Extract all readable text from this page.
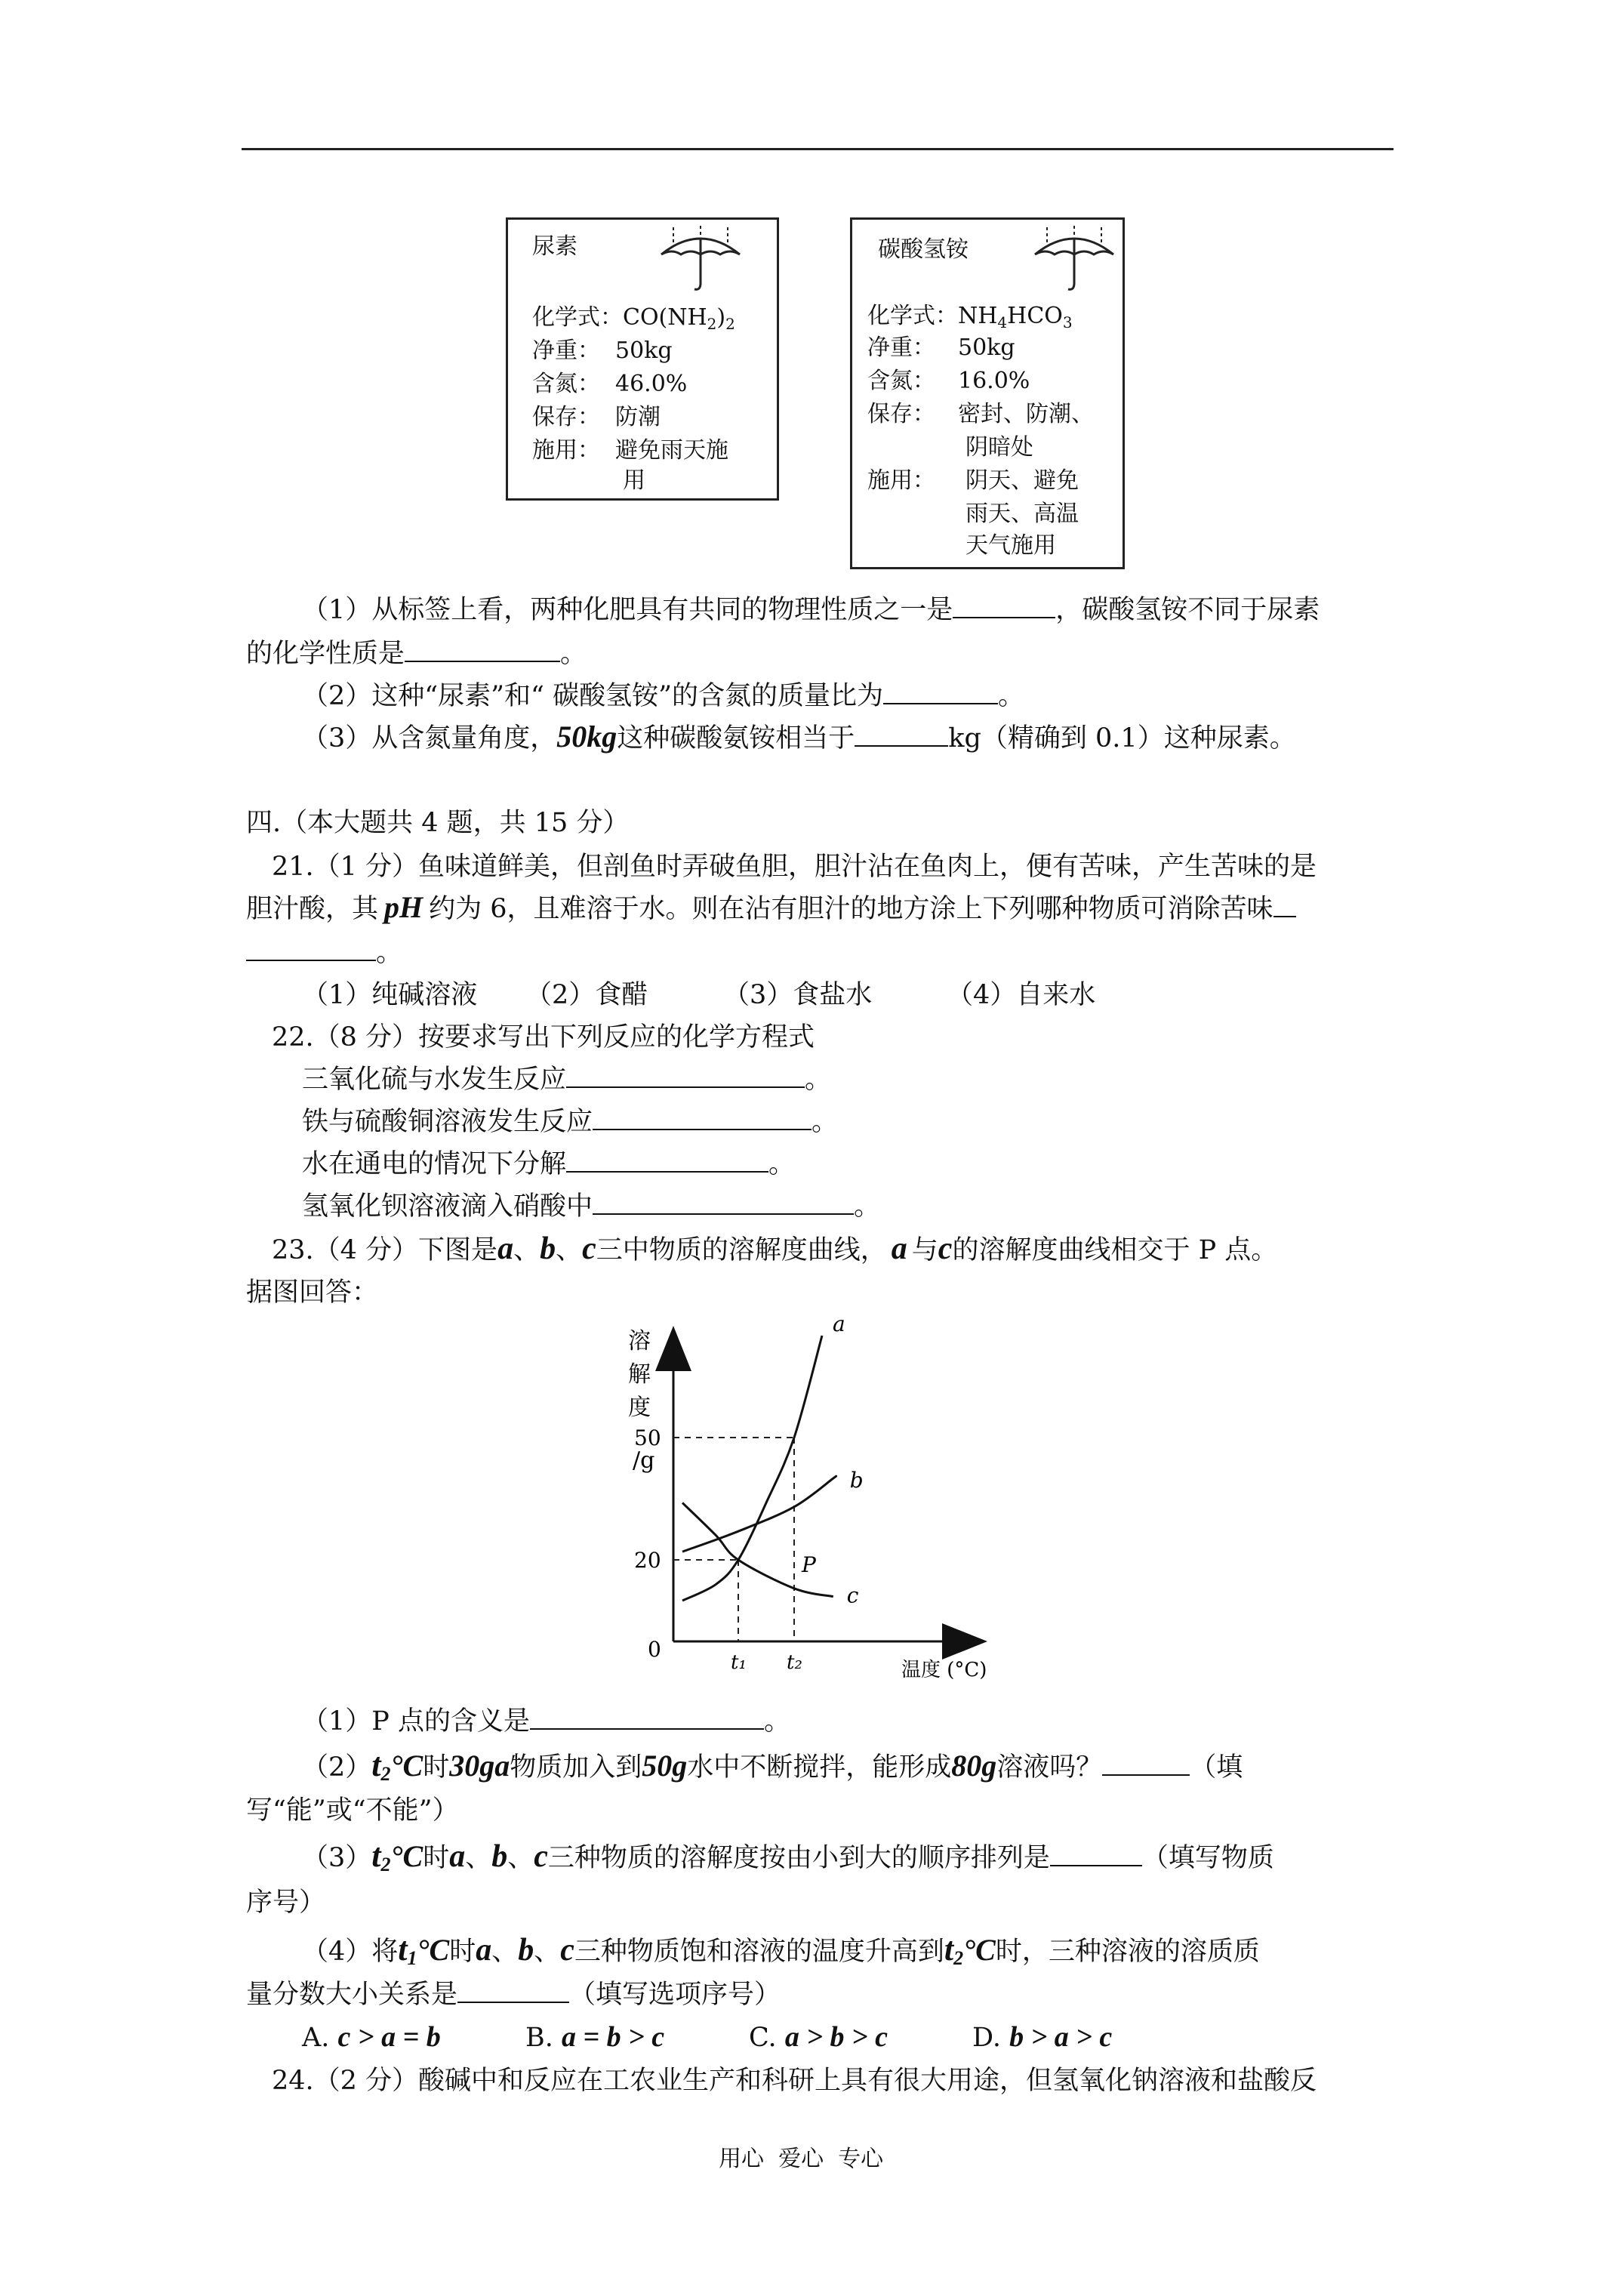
尿素
化学式：$CO(NH_2)_2$
净重： 50kg
含氮： 46.0%
保存： 防潮
施用： 避免雨天施
用
碳酸氢铵
化学式：$NH_4HCO_3$
净重： 50kg
含氮： 16.0%
保存： 密封、防潮、
阴暗处
施用： 阴天、避免
雨天、高温
天气施用
（1）从标签上看，两种化肥具有共同的物理性质之一是	，碳酸氢铵不同于尿素
的化学性质是	。
（2）这种“尿素”和“ 碳酸氢铵”的含氮的质量比为	。
（3）从含氮量角度，50kg这种碳酸氨铵相当于	kg（精确到 0.1）这种尿素。
四.（本大题共 4 题，共 15 分）
21.（1 分）鱼味道鲜美，但剖鱼时弄破鱼胆，胆汁沾在鱼肉上，便有苦味，产生苦味的是
胆汁酸，其 pH 约为 6，且难溶于水。则在沾有胆汁的地方涂上下列哪种物质可消除苦味
。
（1）纯碱溶液 （2）食醋	（3）食盐水	（4）自来水
22.（8 分）按要求写出下列反应的化学方程式
三氧化硫与水发生反应	。
铁与硫酸铜溶液发生反应	。
水在通电的情况下分解	。
氢氧化钡溶液滴入硝酸中	。
23.（4 分）下图是a、b、c三中物质的溶解度曲线， a 与c的溶解度曲线相交于 P 点。
据图回答：
溶
解
度
/g
0
温度 (°C)
20
50
t₁ t₂
a
b
c
P
（1）P 点的含义是	。
$(2)t_2^\circ C$时30ga物质加入到50g水中不断搅拌，能形成80g溶液吗？	（填
写“能”或“不能”）
$(3)t_2^\circ C$时a、b、c三种物质的溶解度按由小到大的顺序排列是	（填写物质
序号）
（4）将$t_1^\circ C$时a、b、c三种物质饱和溶液的温度升高到$t_2^\circ C$时，三种溶液的溶质质
量分数大小关系是	（填写选项序号）
A. c > a = b	B. a = b > c	C. a > b > c	D. b > a > c
24.（2 分）酸碱中和反应在工农业生产和科研上具有很大用途，但氢氧化钠溶液和盐酸反
用心  爱心  专心
